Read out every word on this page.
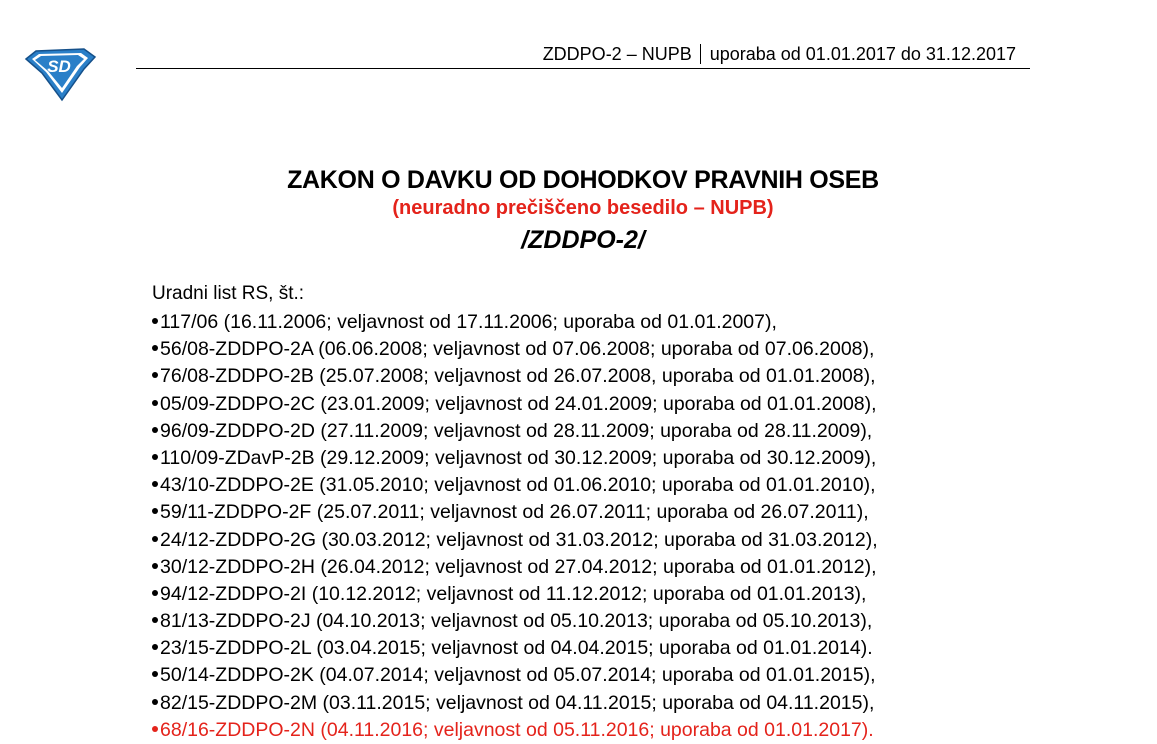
SD
ZDDPO-2 – NUPB uporaba od 01.01.2017 do 31.12.2017
ZAKON O DAVKU OD DOHODKOV PRAVNIH OSEB
(neuradno prečiščeno besedilo – NUPB)
/ZDDPO-2/
Uradni list RS, št.:
117/06 (16.11.2006; veljavnost od 17.11.2006; uporaba od 01.01.2007),
56/08-ZDDPO-2A (06.06.2008; veljavnost od 07.06.2008; uporaba od 07.06.2008),
76/08-ZDDPO-2B (25.07.2008; veljavnost od 26.07.2008, uporaba od 01.01.2008),
05/09-ZDDPO-2C (23.01.2009; veljavnost od 24.01.2009; uporaba od 01.01.2008),
96/09-ZDDPO-2D (27.11.2009; veljavnost od 28.11.2009; uporaba od 28.11.2009),
110/09-ZDavP-2B (29.12.2009; veljavnost od 30.12.2009; uporaba od 30.12.2009),
43/10-ZDDPO-2E (31.05.2010; veljavnost od 01.06.2010; uporaba od 01.01.2010),
59/11-ZDDPO-2F (25.07.2011; veljavnost od 26.07.2011; uporaba od 26.07.2011),
24/12-ZDDPO-2G (30.03.2012; veljavnost od 31.03.2012; uporaba od 31.03.2012),
30/12-ZDDPO-2H (26.04.2012; veljavnost od 27.04.2012; uporaba od 01.01.2012),
94/12-ZDDPO-2I (10.12.2012; veljavnost od 11.12.2012; uporaba od 01.01.2013),
81/13-ZDDPO-2J (04.10.2013; veljavnost od 05.10.2013; uporaba od 05.10.2013),
23/15-ZDDPO-2L (03.04.2015; veljavnost od 04.04.2015; uporaba od 01.01.2014).
50/14-ZDDPO-2K (04.07.2014; veljavnost od 05.07.2014; uporaba od 01.01.2015),
82/15-ZDDPO-2M (03.11.2015; veljavnost od 04.11.2015; uporaba od 04.11.2015),
68/16-ZDDPO-2N (04.11.2016; veljavnost od 05.11.2016; uporaba od 01.01.2017).
